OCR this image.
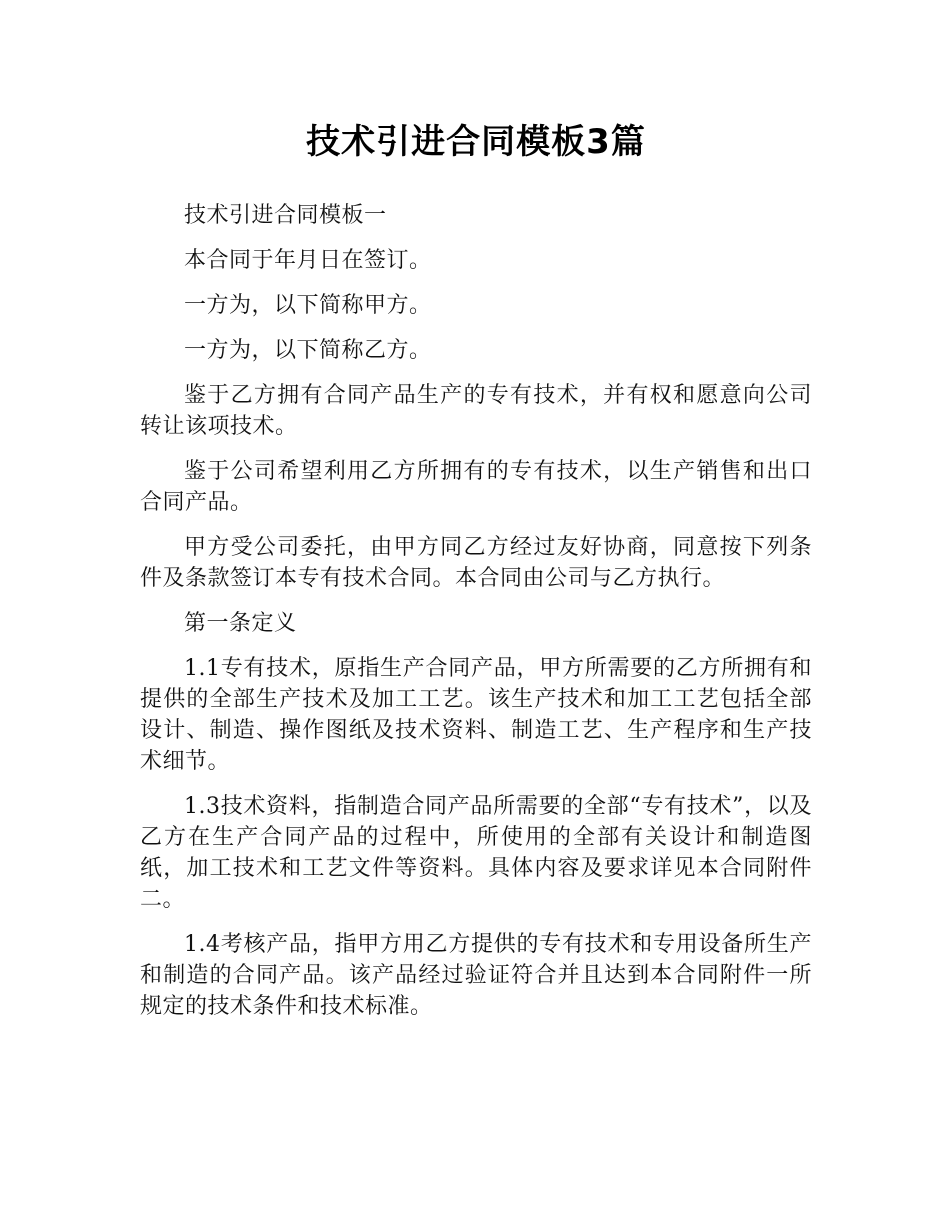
技术引进合同模板3篇

技术引进合同模板一

本合同于年月日在签订。

一方为，以下简称甲方。

一方为，以下简称乙方。

鉴于乙方拥有合同产品生产的专有技术，并有权和愿意向公司转让该项技术。

鉴于公司希望利用乙方所拥有的专有技术，以生产销售和出口合同产品。

甲方受公司委托，由甲方同乙方经过友好协商，同意按下列条件及条款签订本专有技术合同。本合同由公司与乙方执行。

第一条定义

1.1专有技术，原指生产合同产品，甲方所需要的乙方所拥有和提供的全部生产技术及加工工艺。该生产技术和加工工艺包括全部设计、制造、操作图纸及技术资料、制造工艺、生产程序和生产技术细节。

1.3技术资料，指制造合同产品所需要的全部“专有技术”，以及乙方在生产合同产品的过程中，所使用的全部有关设计和制造图纸，加工技术和工艺文件等资料。具体内容及要求详见本合同附件二。

1.4考核产品，指甲方用乙方提供的专有技术和专用设备所生产和制造的合同产品。该产品经过验证符合并且达到本合同附件一所规定的技术条件和技术标准。
